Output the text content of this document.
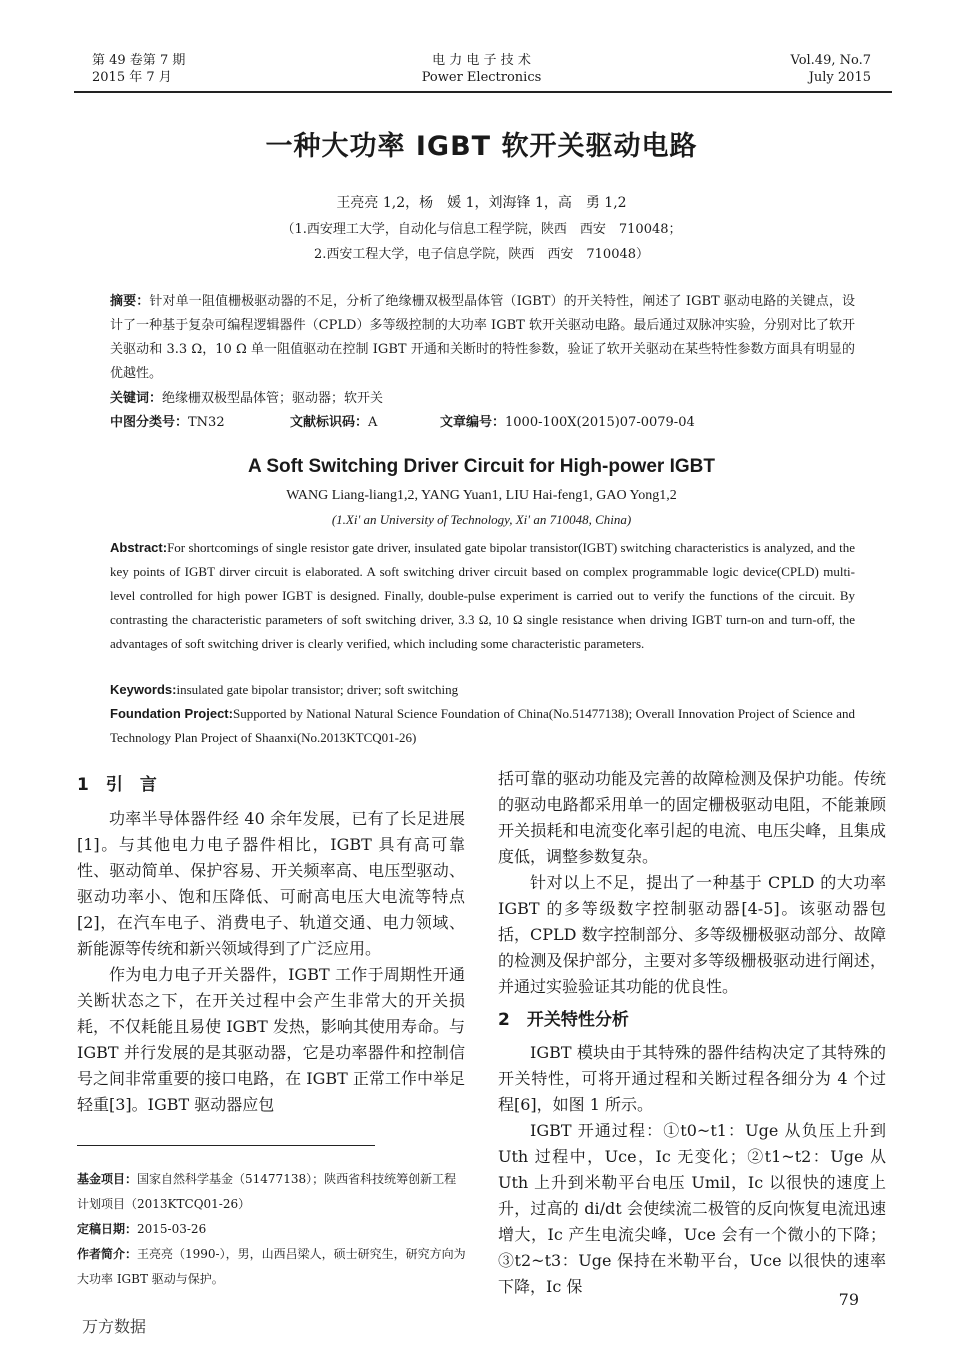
第 49 卷第 7 期
2015 年 7 月
电 力 电 子 技 术
Power Electronics
Vol.49, No.7
July 2015
一种大功率 IGBT 软开关驱动电路
王亮亮 1,2，杨　媛 1，刘海锋 1，高　勇 1,2
（1.西安理工大学，自动化与信息工程学院，陕西　西安　710048；
2.西安工程大学，电子信息学院，陕西　西安　710048）
摘要：针对单一阻值栅极驱动器的不足，分析了绝缘栅双极型晶体管（IGBT）的开关特性，阐述了 IGBT 驱动电路的关键点，设计了一种基于复杂可编程逻辑器件（CPLD）多等级控制的大功率 IGBT 软开关驱动电路。最后通过双脉冲实验，分别对比了软开关驱动和 3.3 Ω，10 Ω 单一阻值驱动在控制 IGBT 开通和关断时的特性参数，验证了软开关驱动在某些特性参数方面具有明显的优越性。
关键词：绝缘栅双极型晶体管；驱动器；软开关
中图分类号：TN32	文献标识码：A	文章编号：1000-100X(2015)07-0079-04
A Soft Switching Driver Circuit for High-power IGBT
WANG Liang-liang1,2, YANG Yuan1, LIU Hai-feng1, GAO Yong1,2
(1.Xi' an University of Technology, Xi' an 710048, China)
Abstract:For shortcomings of single resistor gate driver, insulated gate bipolar transistor(IGBT) switching characteristics is analyzed, and the key points of IGBT dirver circuit is elaborated. A soft switching driver circuit based on complex programmable logic device(CPLD) multi-level controlled for high power IGBT is designed. Finally, double-pulse experiment is carried out to verify the functions of the circuit. By contrasting the characteristic parameters of soft switching driver, 3.3 Ω, 10 Ω single resistance when driving IGBT turn-on and turn-off, the advantages of soft switching driver is clearly verified, which including some characteristic parameters.
Keywords:insulated gate bipolar transistor; driver; soft switching
Foundation Project:Supported by National Natural Science Foundation of China(No.51477138); Overall Innovation Project of Science and Technology Plan Project of Shaanxi(No.2013KTCQ01-26)

1　引　言

功率半导体器件经 40 余年发展，已有了长足进展[1]。与其他电力电子器件相比，IGBT 具有高可靠性、驱动简单、保护容易、开关频率高、电压型驱动、驱动功率小、饱和压降低、可耐高电压大电流等特点[2]，在汽车电子、消费电子、轨道交通、电力领域、新能源等传统和新兴领域得到了广泛应用。

作为电力电子开关器件，IGBT 工作于周期性开通关断状态之下，在开关过程中会产生非常大的开关损耗，不仅耗能且易使 IGBT 发热，影响其使用寿命。与 IGBT 并行发展的是其驱动器，它是功率器件和控制信号之间非常重要的接口电路，在 IGBT 正常工作中举足轻重[3]。IGBT 驱动器应包

括可靠的驱动功能及完善的故障检测及保护功能。传统的驱动电路都采用单一的固定栅极驱动电阻，不能兼顾开关损耗和电流变化率引起的电流、电压尖峰，且集成度低，调整参数复杂。

针对以上不足，提出了一种基于 CPLD 的大功率 IGBT 的多等级数字控制驱动器[4-5]。该驱动器包括，CPLD 数字控制部分、多等级栅极驱动部分、故障的检测及保护部分，主要对多等级栅极驱动进行阐述，并通过实验验证其功能的优良性。

2　开关特性分析

IGBT 模块由于其特殊的器件结构决定了其特殊的开关特性，可将开通过程和关断过程各细分为 4 个过程[6]，如图 1 所示。

IGBT 开通过程：①t0~t1：Uge 从负压上升到 Uth 过程中，Uce，Ic 无变化；②t1~t2：Uge 从 Uth 上升到米勒平台电压 Umil，Ic 以很快的速度上升，过高的 di/dt 会使续流二极管的反向恢复电流迅速增大，Ic 产生电流尖峰，Uce 会有一个微小的下降；③t2~t3：Uge 保持在米勒平台，Uce 以很快的速率下降，Ic 保

基金项目：国家自然科学基金（51477138）；陕西省科技统筹创新工程计划项目（2013KTCQ01-26）
定稿日期：2015-03-26
作者简介：王亮亮（1990-），男，山西吕梁人，硕士研究生，研究方向为大功率 IGBT 驱动与保护。
79
万方数据
